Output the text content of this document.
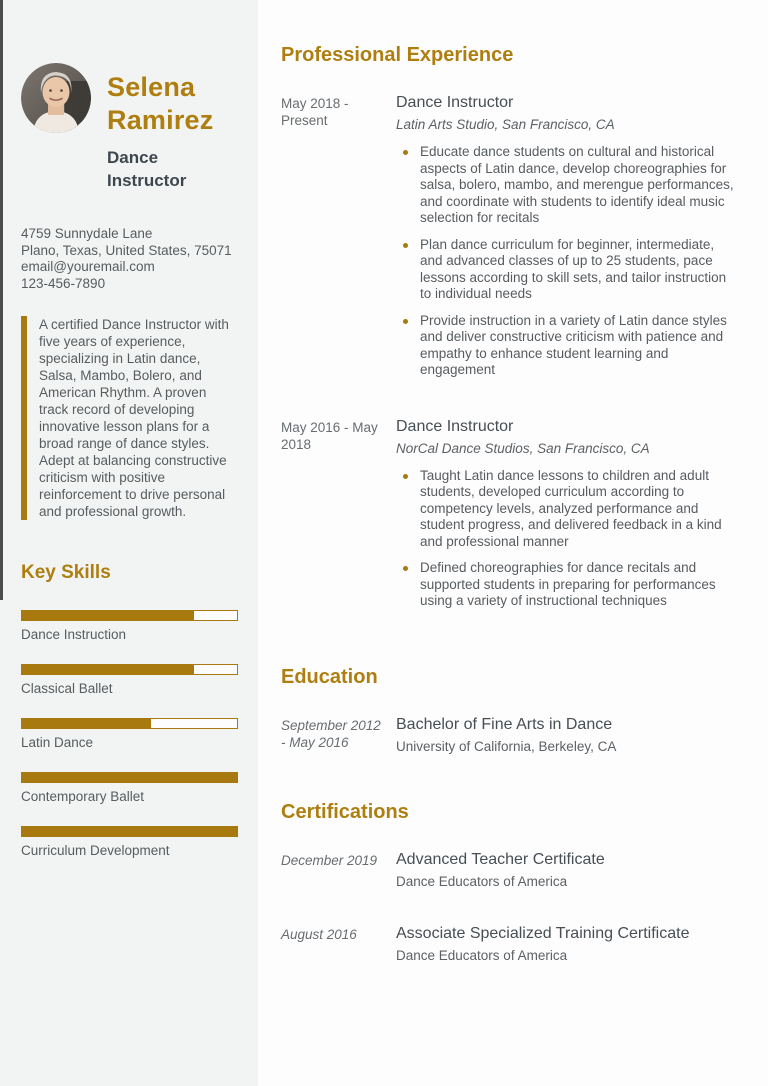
Selena Ramirez
Dance Instructor
4759 Sunnydale Lane
Plano, Texas, United States, 75071
email@youremail.com
123-456-7890
A certified Dance Instructor with five years of experience, specializing in Latin dance, Salsa, Mambo, Bolero, and American Rhythm. A proven track record of developing innovative lesson plans for a broad range of dance styles. Adept at balancing constructive criticism with positive reinforcement to drive personal and professional growth.
Key Skills
Dance Instruction
Classical Ballet
Latin Dance
Contemporary Ballet
Curriculum Development
Professional Experience
May 2018 - Present
Dance Instructor
Latin Arts Studio, San Francisco, CA
Educate dance students on cultural and historical aspects of Latin dance, develop choreographies for salsa, bolero, mambo, and merengue performances, and coordinate with students to identify ideal music selection for recitals
Plan dance curriculum for beginner, intermediate, and advanced classes of up to 25 students, pace lessons according to skill sets, and tailor instruction to individual needs
Provide instruction in a variety of Latin dance styles and deliver constructive criticism with patience and empathy to enhance student learning and engagement
May 2016 - May 2018
Dance Instructor
NorCal Dance Studios, San Francisco, CA
Taught Latin dance lessons to children and adult students, developed curriculum according to competency levels, analyzed performance and student progress, and delivered feedback in a kind and professional manner
Defined choreographies for dance recitals and supported students in preparing for performances using a variety of instructional techniques
Education
September 2012 - May 2016
Bachelor of Fine Arts in Dance
University of California, Berkeley, CA
Certifications
December 2019 Advanced Teacher Certificate
Dance Educators of America
August 2016	Associate Specialized Training Certificate
Dance Educators of America
